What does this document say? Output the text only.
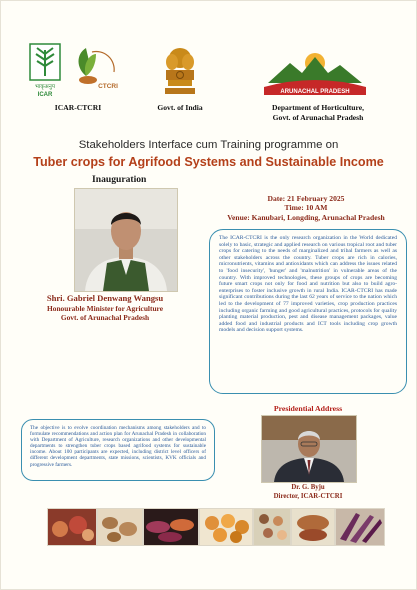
भाकृअनुप
ICAR
CTCRI
ICAR-CTCRI	Govt. of India
ARUNACHAL PRADESH
Department of Horticulture,
Govt. of Arunachal Pradesh
Stakeholders Interface cum Training programme on
Tuber crops for Agrifood Systems and Sustainable Income
Inauguration
Shri. Gabriel Denwang Wangsu
Honourable Minister for Agriculture
Govt. of Arunachal Pradesh
Date: 21 February 2025
Time: 10 AM
Venue: Kanubari, Longding, Arunachal Pradesh
The ICAR-CTCRI is the only research organization in the World dedicated solely to basic, strategic and applied research on various tropical root and tuber crops for catering to the needs of marginalized and tribal farmers as well as other stakeholders across the country. Tuber crops are rich in calories, micronutrients, vitamins and antioxidants which can address the issues related to 'food insecurity', 'hunger' and 'malnutrition' in vulnerable areas of the country. With improved technologies, these groups of crops are becoming future smart crops not only for food and nutrition but also to build agro-enterprises to foster inclusive growth in rural India. ICAR-CTCRI has made significant contributions during the last 62 years of service to the nation which led to the development of 77 improved varieties, crop production practices including organic farming and good agricultural practices, protocols for quality planting material production, pest and disease management packages, value added food and industrial products and ICT tools including crop growth models and decision support systems.
The objective is to evolve coordination mechanisms among stakeholders and to formulate recommendations and action plan for Arunachal Pradesh in collaboration with Department of Agriculture, research organizations and other developmental departments to strengthen tuber crops based agrifood systems for sustainable income. About 100 participants are expected, including district level officers of different development departments, state missions, scientists, KVK officials and progressive farmers.
Presidential Address
Dr. G. Byju
Director, ICAR-CTCRI
